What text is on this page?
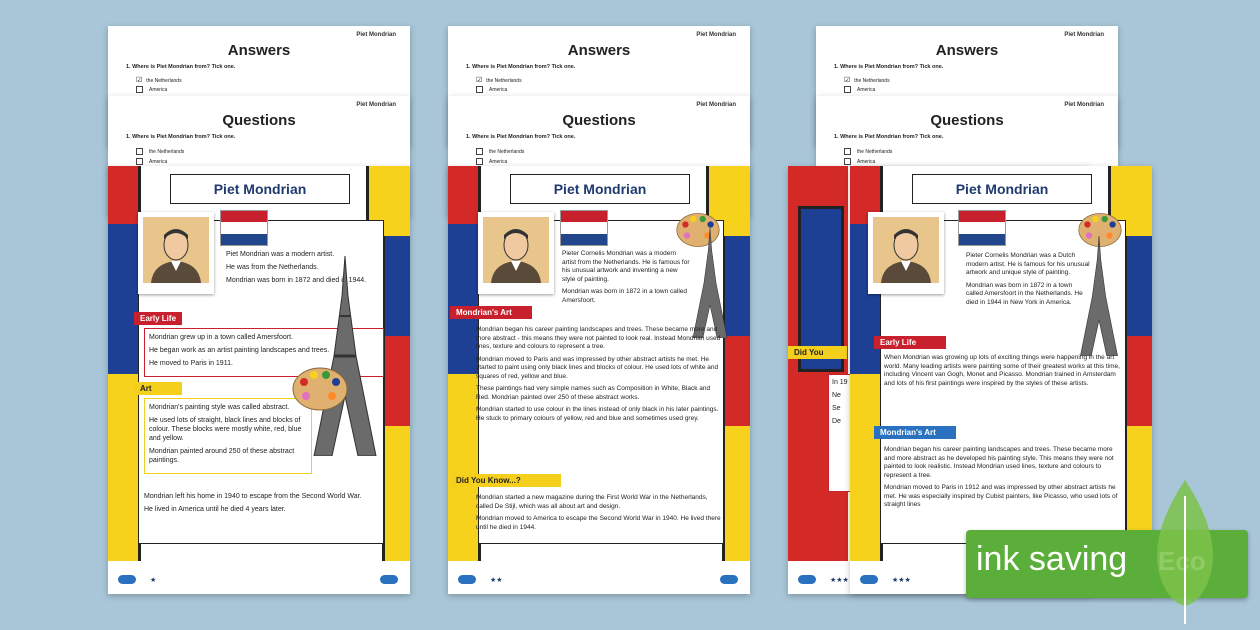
Piet Mondrian
Answers
1. Where is Piet Mondrian from? Tick one.
☑ the Netherlands
America
Piet Mondrian
Questions
1. Where is Piet Mondrian from? Tick one.
the Netherlands
America
Piet Mondrian

Piet Mondrian was a modern artist.

He was from the Netherlands.

Mondrian was born in 1872 and died in 1944.

Early Life

Mondrian grew up in a town called Amersfoort.

He began work as an artist painting landscapes and trees.

He moved to Paris in 1911.

Art

Mondrian's painting style was called abstract.

He used lots of straight, black lines and blocks of colour. These blocks were mostly white, red, blue and yellow.

Mondrian painted around 250 of these abstract paintings.

Mondrian left his home in 1940 to escape from the Second World War.

He lived in America until he died 4 years later.

★
Piet Mondrian
Answers
1. Where is Piet Mondrian from? Tick one.
☑ the Netherlands
America
Piet Mondrian
Questions
1. Where is Piet Mondrian from? Tick one.
the Netherlands
America
Piet Mondrian

Pieter Cornelis Mondrian was a modern artist from the Netherlands. He is famous for his unusual artwork and inventing a new style of painting.

Mondrian was born in 1872 in a town called Amersfoort.

Mondrian's Art

Mondrian began his career painting landscapes and trees. These became more and more abstract - this means they were not painted to look real. Instead Mondrian used lines, texture and colours to represent a tree.

Mondrian moved to Paris and was impressed by other abstract artists he met. He started to paint using only black lines and blocks of colour. He used lots of white and squares of red, yellow and blue.

These paintings had very simple names such as Composition in White, Black and Red. Mondrian painted over 250 of these abstract works.

Mondrian started to use colour in the lines instead of only black in his later paintings. He stuck to primary colours of yellow, red and blue and sometimes used grey.

Did You Know...?

Mondrian started a new magazine during the First World War in the Netherlands, called De Stijl, which was all about art and design.

Mondrian moved to America to escape the Second World War in 1940. He lived there until he died in 1944.

★★
Piet Mondrian
Answers
1. Where is Piet Mondrian from? Tick one.
☑ the Netherlands
America
Piet Mondrian
Questions
1. Where is Piet Mondrian from? Tick one.
the Netherlands
America
Did You

In 19

Ne

Se

De

★★★
Piet Mondrian

Pieter Cornelis Mondrian was a Dutch modern artist. He is famous for his unusual artwork and unique style of painting.

Mondrian was born in 1872 in a town called Amersfoort in the Netherlands. He died in 1944 in New York in America.

Early Life

When Mondrian was growing up lots of exciting things were happening in the art world. Many leading artists were painting some of their greatest works at this time, including Vincent van Gogh, Monet and Picasso. Mondrian trained in Amsterdam and lots of his first paintings were inspired by the styles of these artists.

Mondrian's Art

Mondrian began his career painting landscapes and trees. These became more and more abstract as he developed his painting style. This means they were not painted to look realistic. Instead Mondrian used lines, texture and colours to represent a tree.

Mondrian moved to Paris in 1912 and was impressed by other abstract artists he met. He was especially inspired by Cubist painters, like Picasso, who used lots of straight lines

★★★
ink saving
